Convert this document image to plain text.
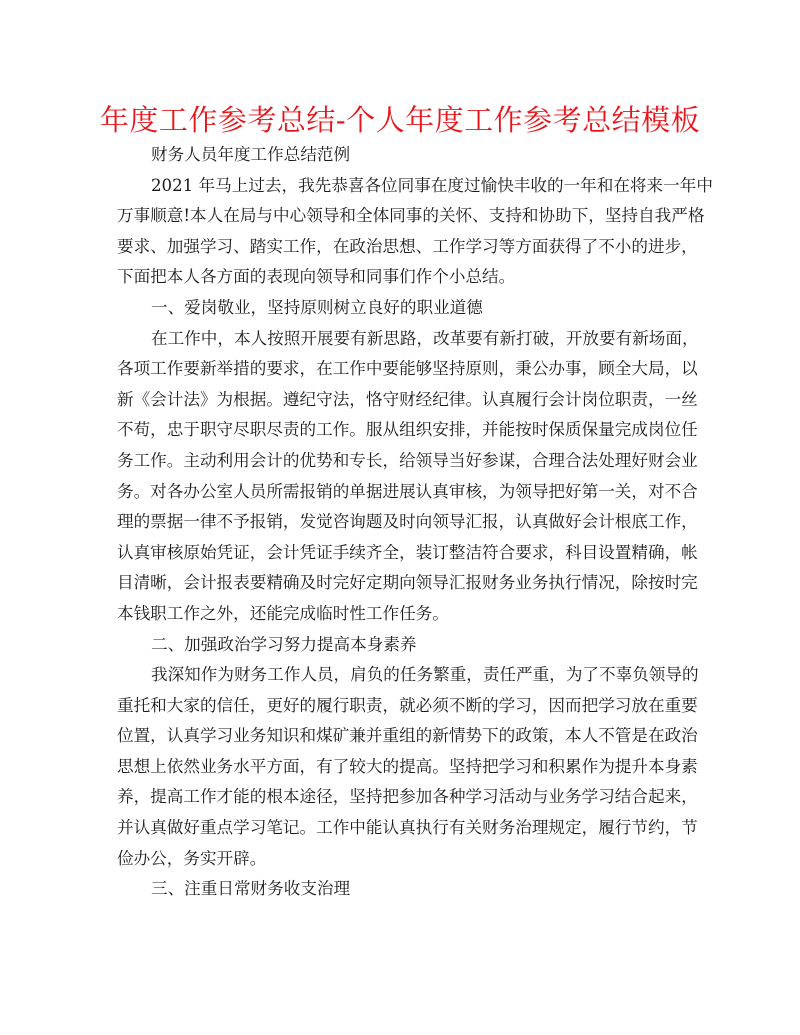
年度工作参考总结-个人年度工作参考总结模板
财务人员年度工作总结范例
2021 年马上过去，我先恭喜各位同事在度过愉快丰收的一年和在将来一年中
万事顺意!本人在局与中心领导和全体同事的关怀、支持和协助下，坚持自我严格
要求、加强学习、踏实工作，在政治思想、工作学习等方面获得了不小的进步，
下面把本人各方面的表现向领导和同事们作个小总结。
一、爱岗敬业，坚持原则树立良好的职业道德
在工作中，本人按照开展要有新思路，改革要有新打破，开放要有新场面，
各项工作要新举措的要求，在工作中要能够坚持原则，秉公办事，顾全大局，以
新《会计法》为根据。遵纪守法，恪守财经纪律。认真履行会计岗位职责，一丝
不苟，忠于职守尽职尽责的工作。服从组织安排，并能按时保质保量完成岗位任
务工作。主动利用会计的优势和专长，给领导当好参谋，合理合法处理好财会业
务。对各办公室人员所需报销的单据进展认真审核，为领导把好第一关，对不合
理的票据一律不予报销，发觉咨询题及时向领导汇报，认真做好会计根底工作，
认真审核原始凭证，会计凭证手续齐全，装订整洁符合要求，科目设置精确，帐
目清晰，会计报表要精确及时完好定期向领导汇报财务业务执行情况，除按时完
本钱职工作之外，还能完成临时性工作任务。
二、加强政治学习努力提高本身素养
我深知作为财务工作人员，肩负的任务繁重，责任严重，为了不辜负领导的
重托和大家的信任，更好的履行职责，就必须不断的学习，因而把学习放在重要
位置，认真学习业务知识和煤矿兼并重组的新情势下的政策，本人不管是在政治
思想上依然业务水平方面，有了较大的提高。坚持把学习和积累作为提升本身素
养，提高工作才能的根本途径，坚持把参加各种学习活动与业务学习结合起来，
并认真做好重点学习笔记。工作中能认真执行有关财务治理规定，履行节约，节
俭办公，务实开辟。
三、注重日常财务收支治理
